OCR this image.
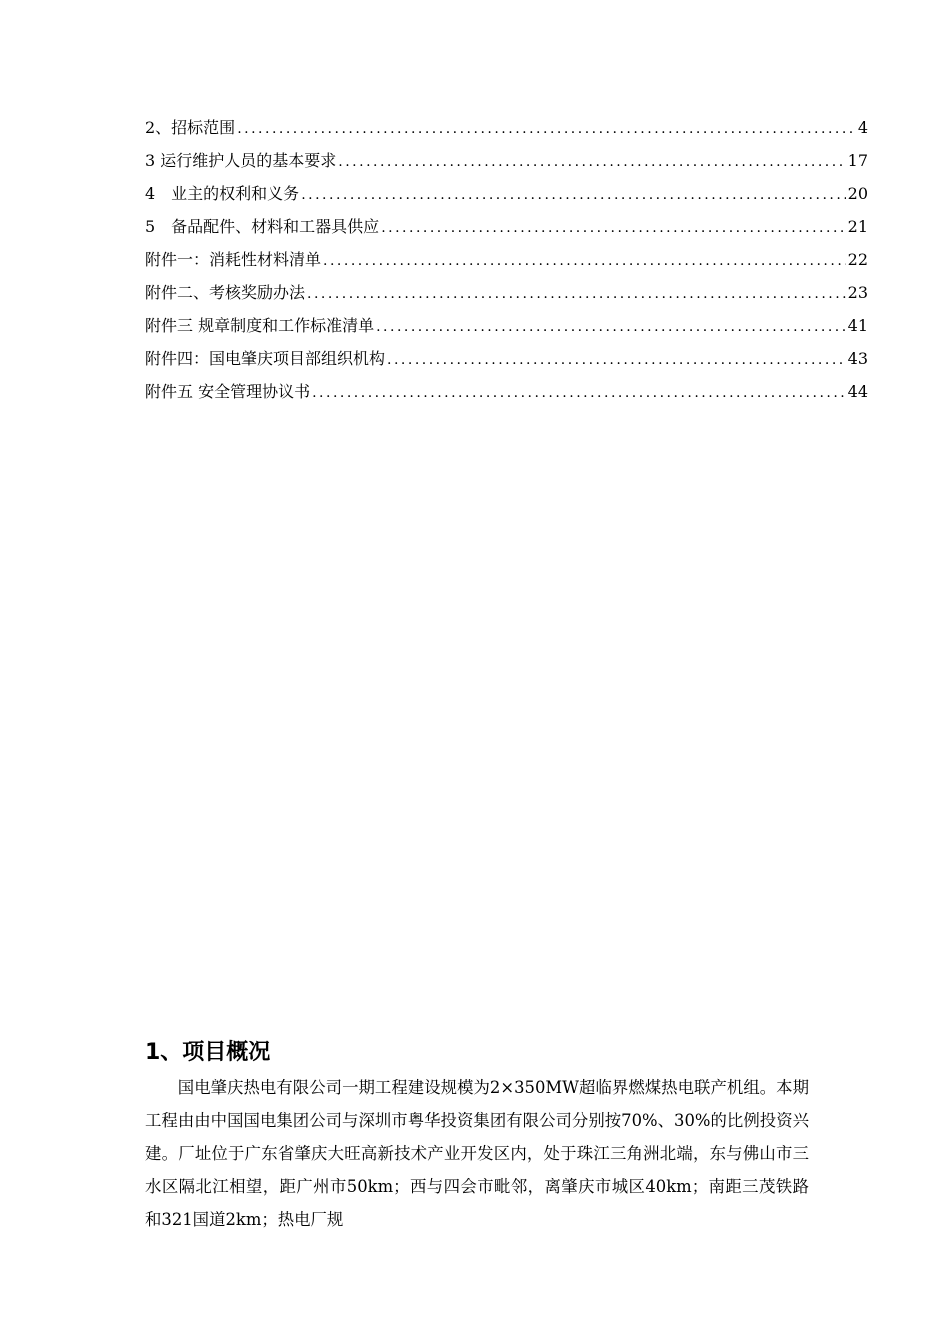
2、招标范围 .....	4
3 运行维护人员的基本要求 .....	17
4　业主的权利和义务 .....	20
5　备品配件、材料和工器具供应 .....	21
附件一：消耗性材料清单 .....	22
附件二、考核奖励办法 .....	23
附件三 规章制度和工作标准清单 .....	41
附件四：国电肇庆项目部组织机构 .....	43
附件五 安全管理协议书 .....	44
1、项目概况

国电肇庆热电有限公司一期工程建设规模为2×350MW超临界燃煤热电联产机组。本期工程由由中国国电集团公司与深圳市粤华投资集团有限公司分别按70%、30%的比例投资兴建。厂址位于广东省肇庆大旺高新技术产业开发区内，处于珠江三角洲北端，东与佛山市三水区隔北江相望，距广州市50km；西与四会市毗邻，离肇庆市城区40km；南距三茂铁路和321国道2km；热电厂规
